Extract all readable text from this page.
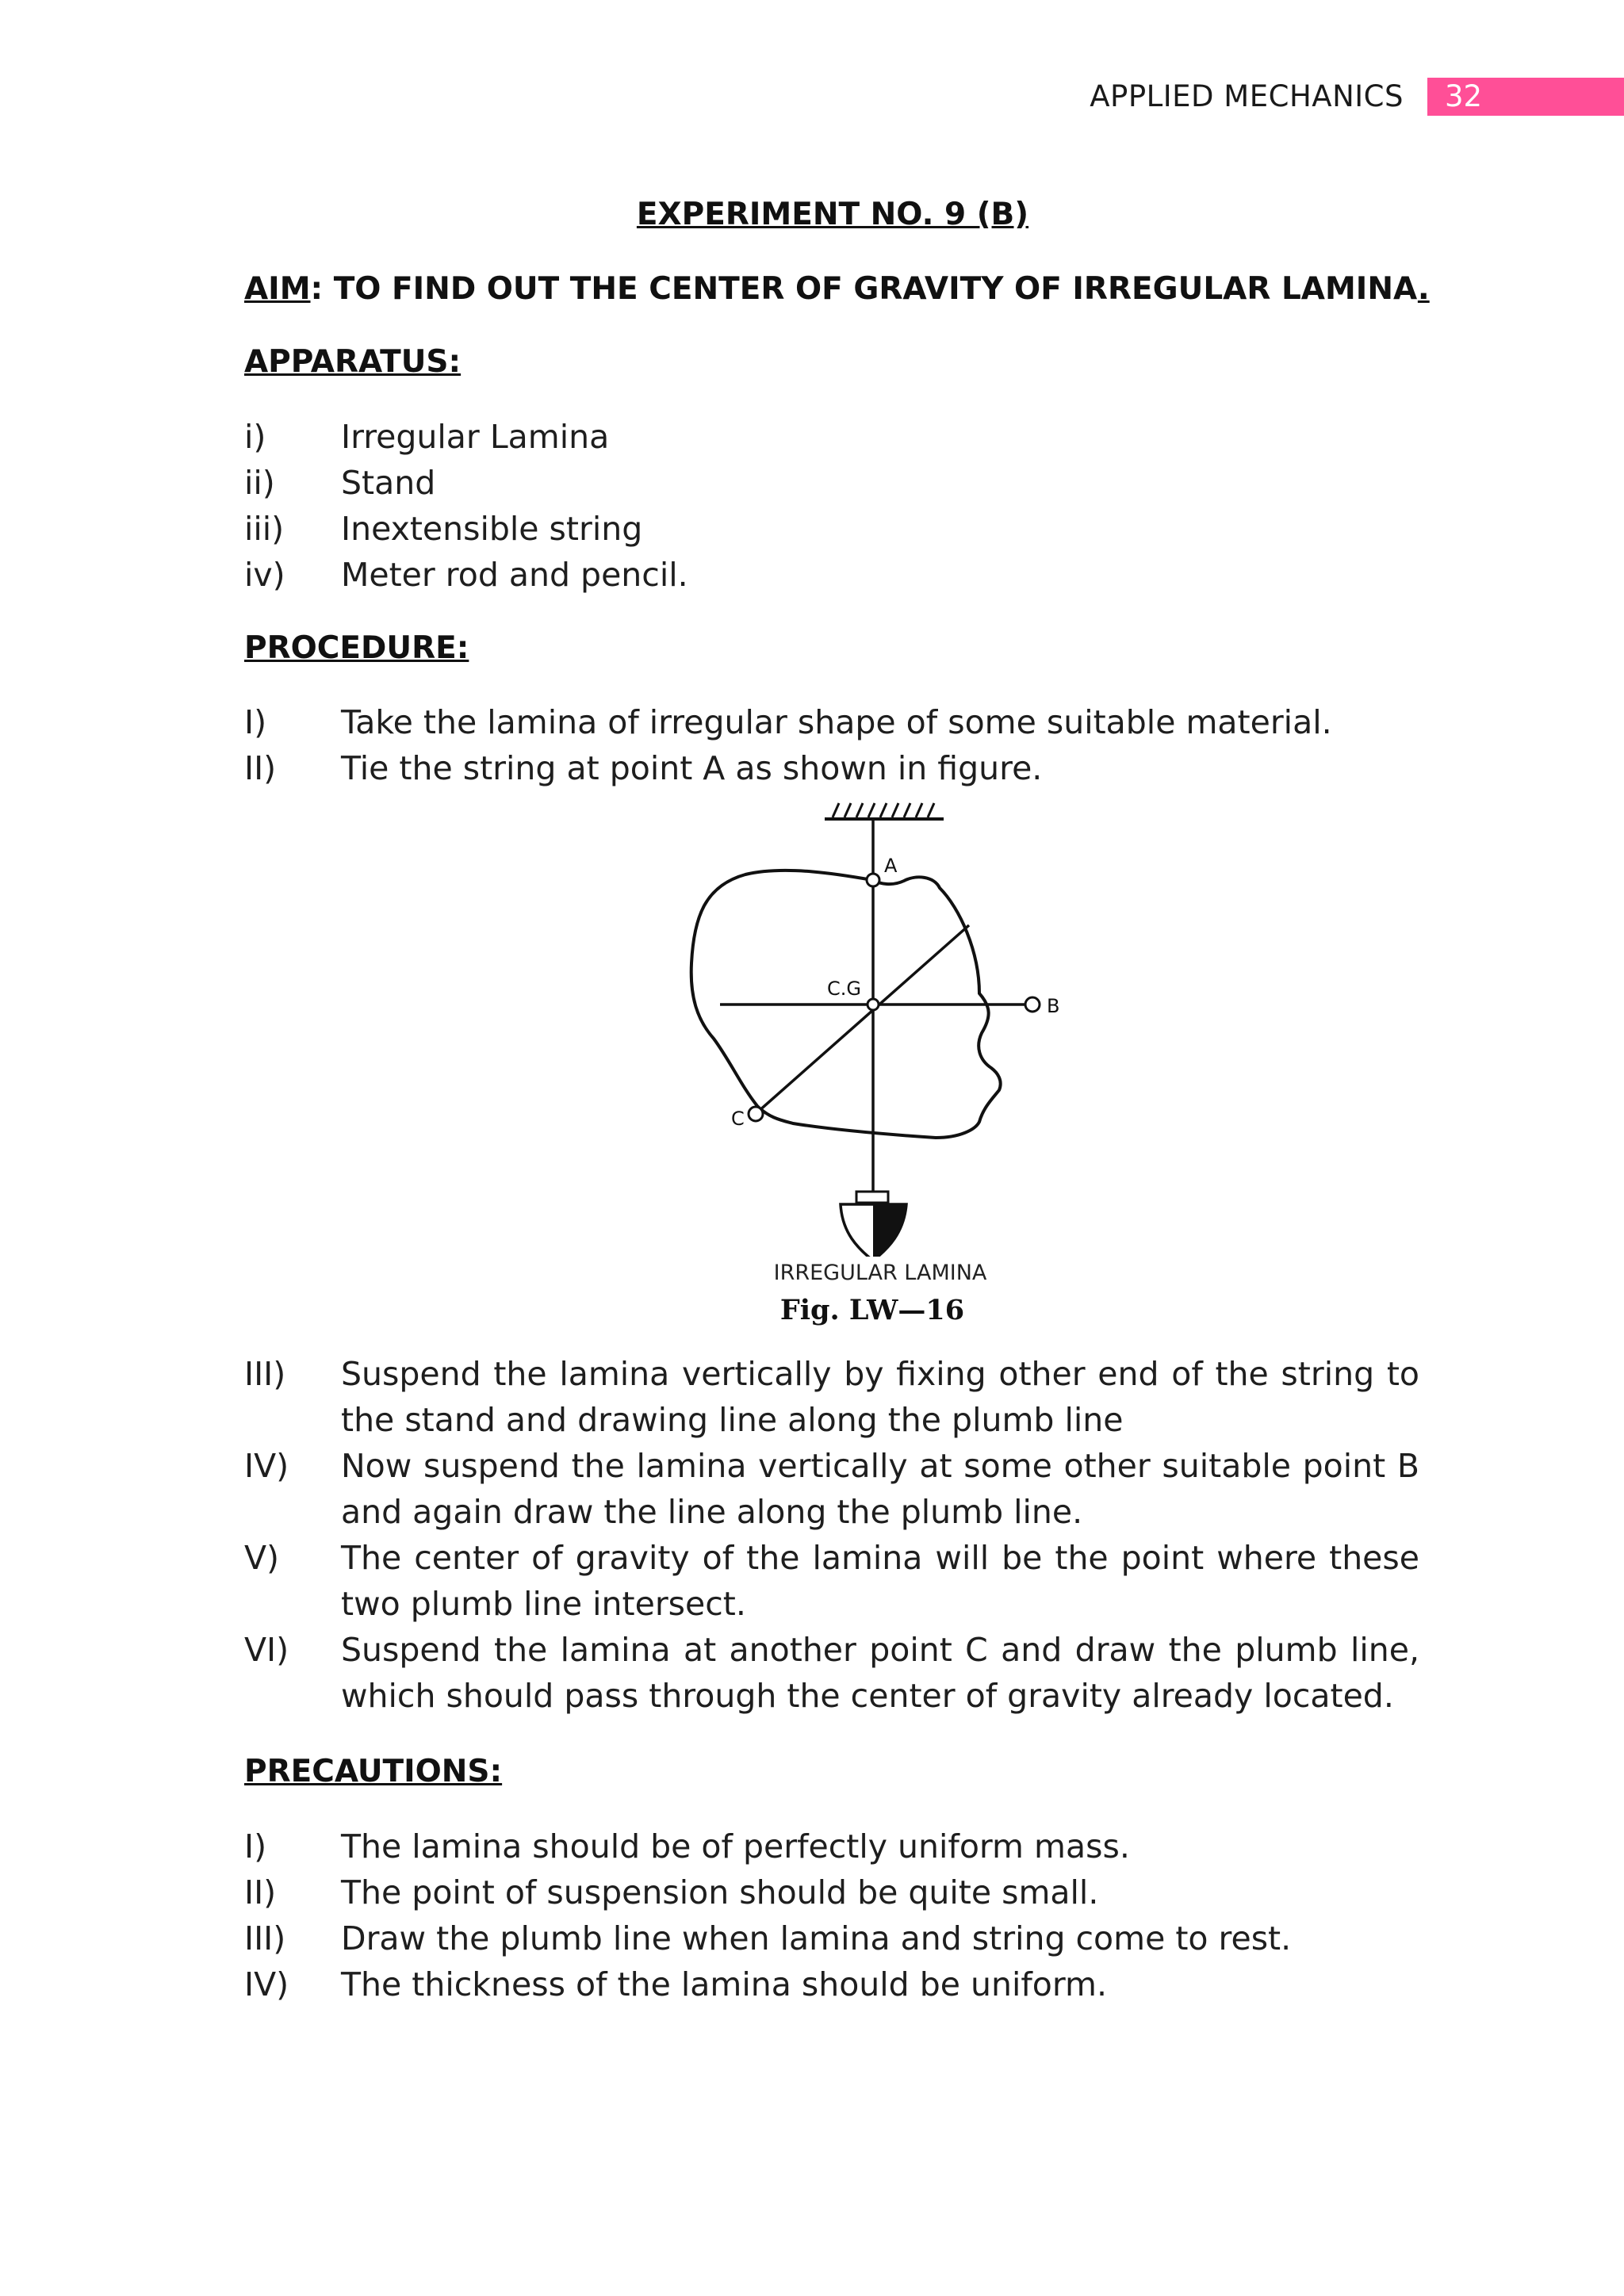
APPLIED MECHANICS	32
EXPERIMENT NO. 9 (B)
AIM: TO FIND OUT THE CENTER OF GRAVITY OF IRREGULAR LAMINA.
APPARATUS:
i)	Irregular Lamina
ii)	Stand
iii)	Inextensible string
iv)	Meter rod and pencil.
PROCEDURE:
I)	Take the lamina of irregular shape of some suitable material.
II)	Tie the string at point A as shown in figure.
A
B
C
C.G
IRREGULAR LAMINA
Fig. LW—16
III)	Suspend the lamina vertically by fixing other end of the string to the stand and drawing line along the plumb line
IV)	Now suspend the lamina vertically at some other suitable point B and again draw the line along the plumb line.
V)	The center of gravity of the lamina will be the point where these two plumb line intersect.
VI)	Suspend the lamina at another point C and draw the plumb line, which should pass through the center of gravity already located.
PRECAUTIONS:
I)	The lamina should be of perfectly uniform mass.
II)	The point of suspension should be quite small.
III)	Draw the plumb line when lamina and string come to rest.
IV)	The thickness of the lamina should be uniform.
